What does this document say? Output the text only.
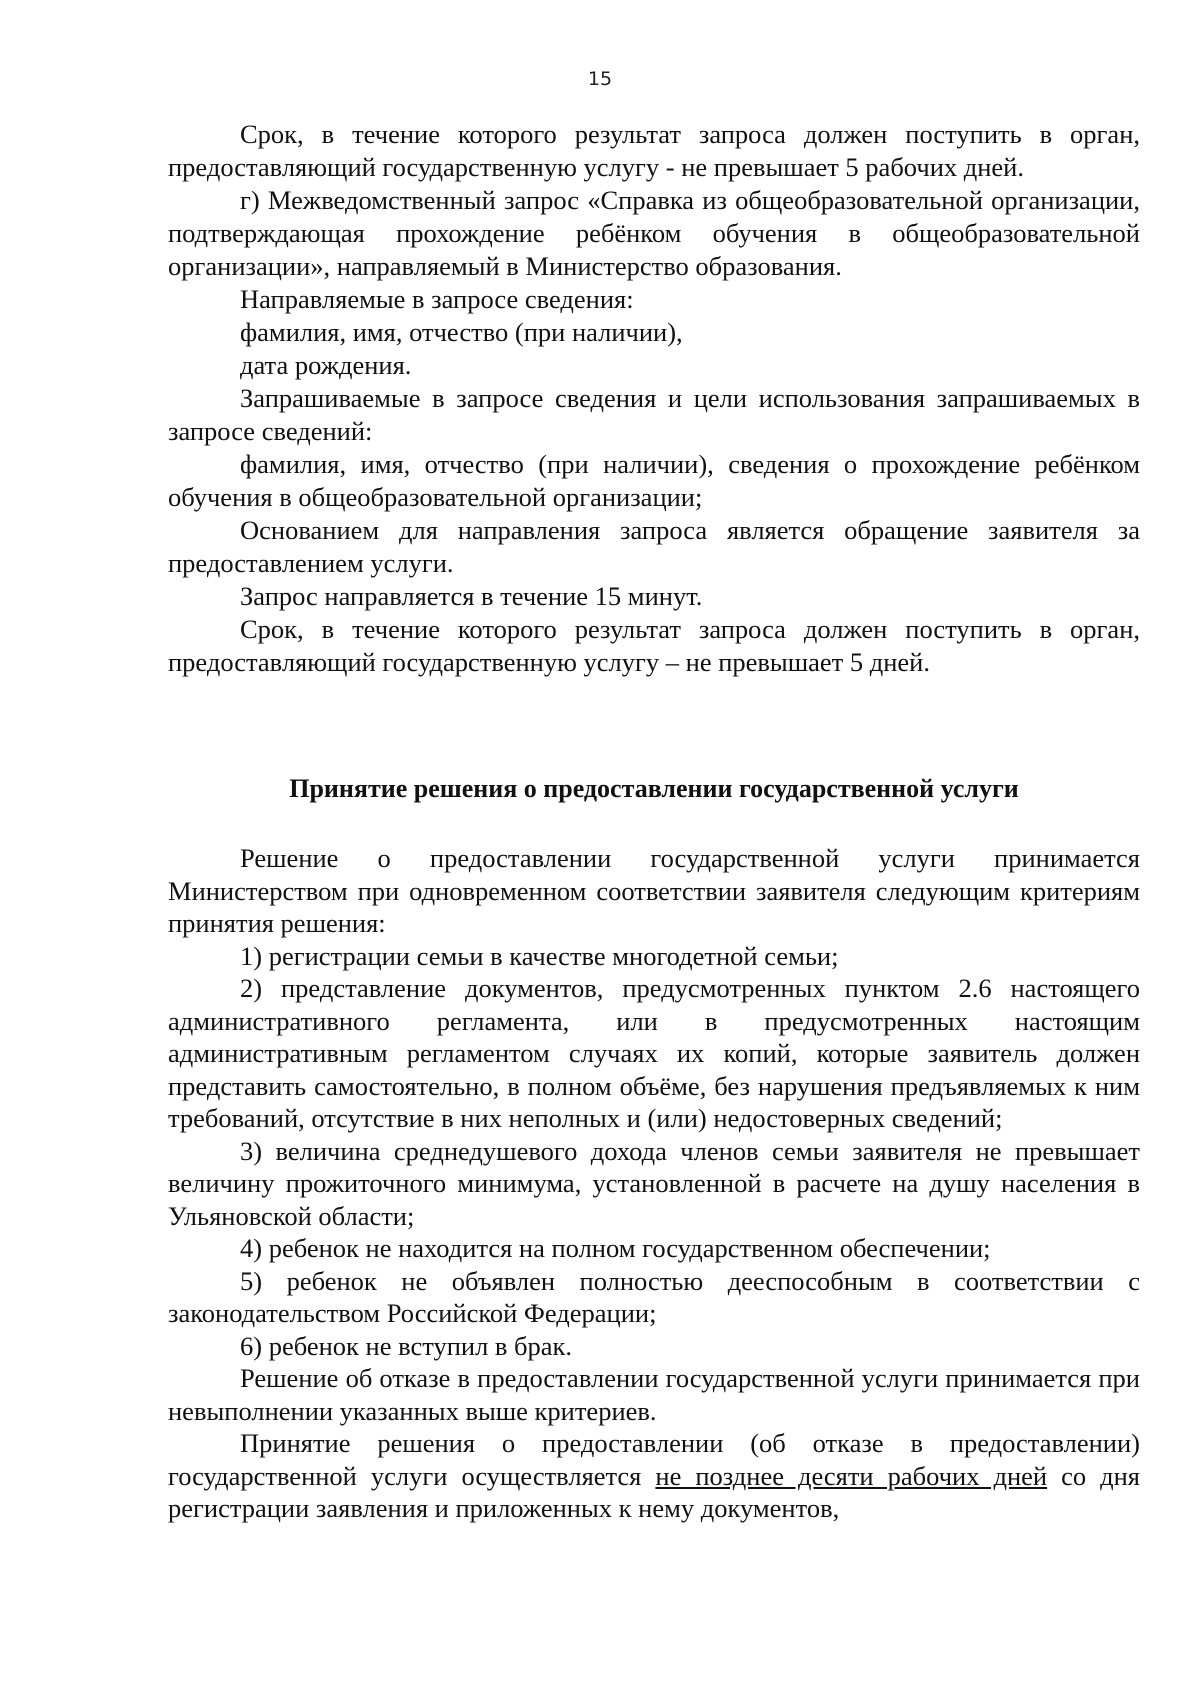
15

Срок, в течение которого результат запроса должен поступить в орган, предоставляющий государственную услугу - не превышает 5 рабочих дней.

г) Межведомственный запрос «Справка из общеобразовательной организации, подтверждающая прохождение ребёнком обучения в общеобразовательной организации», направляемый в Министерство образования.

Направляемые в запросе сведения:

фамилия, имя, отчество (при наличии),

дата рождения.

Запрашиваемые в запросе сведения и цели использования запрашиваемых в запросе сведений:

фамилия, имя, отчество (при наличии), сведения о прохождение ребёнком обучения в общеобразовательной организации;

Основанием для направления запроса является обращение заявителя за предоставлением услуги.

Запрос направляется в течение 15 минут.

Срок, в течение которого результат запроса должен поступить в орган, предоставляющий государственную услугу – не превышает 5 дней.

Принятие решения о предоставлении государственной услуги

Решение о предоставлении государственной услуги принимается Министерством при одновременном соответствии заявителя следующим критериям принятия решения:

1) регистрации семьи в качестве многодетной семьи;

2) представление документов, предусмотренных пунктом 2.6 настоящего административного регламента, или в предусмотренных настоящим административным регламентом случаях их копий, которые заявитель должен представить самостоятельно, в полном объёме, без нарушения предъявляемых к ним требований, отсутствие в них неполных и (или) недостоверных сведений;

3) величина среднедушевого дохода членов семьи заявителя не превышает величину прожиточного минимума, установленной в расчете на душу населения в Ульяновской области;

4) ребенок не находится на полном государственном обеспечении;

5) ребенок не объявлен полностью дееспособным в соответствии с законодательством Российской Федерации;

6) ребенок не вступил в брак.

Решение об отказе в предоставлении государственной услуги принимается при невыполнении указанных выше критериев.

Принятие решения о предоставлении (об отказе в предоставлении) государственной услуги осуществляется не позднее десяти рабочих дней со дня регистрации заявления и приложенных к нему документов,
